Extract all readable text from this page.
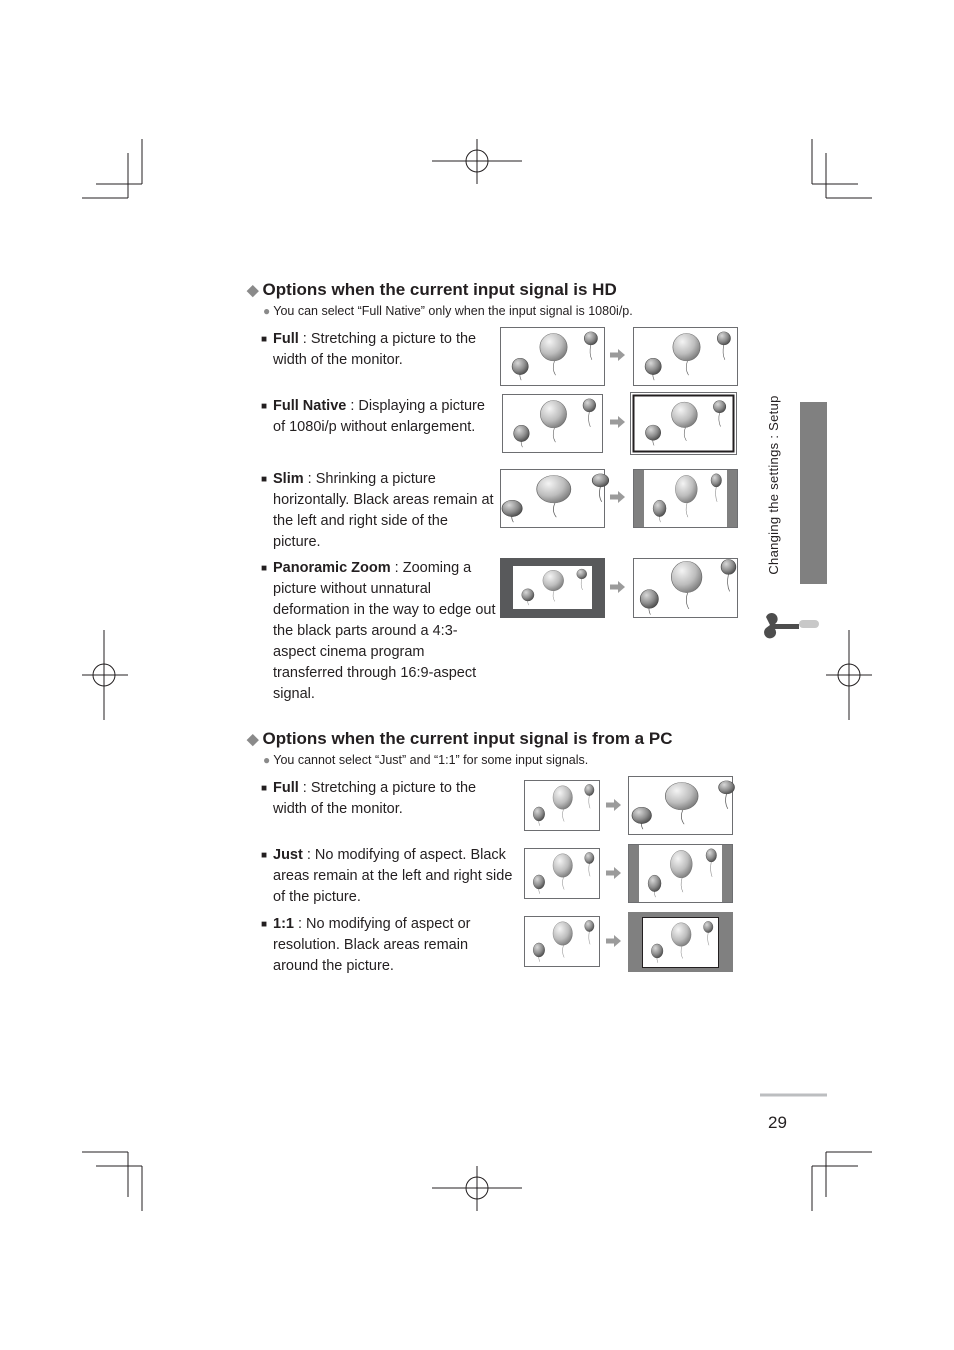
◆ Options when the current input signal is HD
● You can select “Full Native” only when the input signal is 1080i/p.
■ Full : Stretching a picture to the width of the monitor.
■ Full Native : Displaying a picture of 1080i/p without enlargement.
■ Slim : Shrinking a picture horizontally. Black areas remain at the left and right side of the picture.
■ Panoramic Zoom : Zooming a picture without unnatural deformation in the way to edge out the black parts around a 4:3-aspect cinema program transferred through 16:9-aspect signal.
◆ Options when the current input signal is from a PC
● You cannot select “Just” and “1:1” for some input signals.
■ Full : Stretching a picture to the width of the monitor.
■ Just : No modifying of aspect. Black areas remain at the left and right side of the picture.
■ 1:1 : No modifying of aspect or resolution. Black areas remain around the picture.
Changing the settings : Setup
29
